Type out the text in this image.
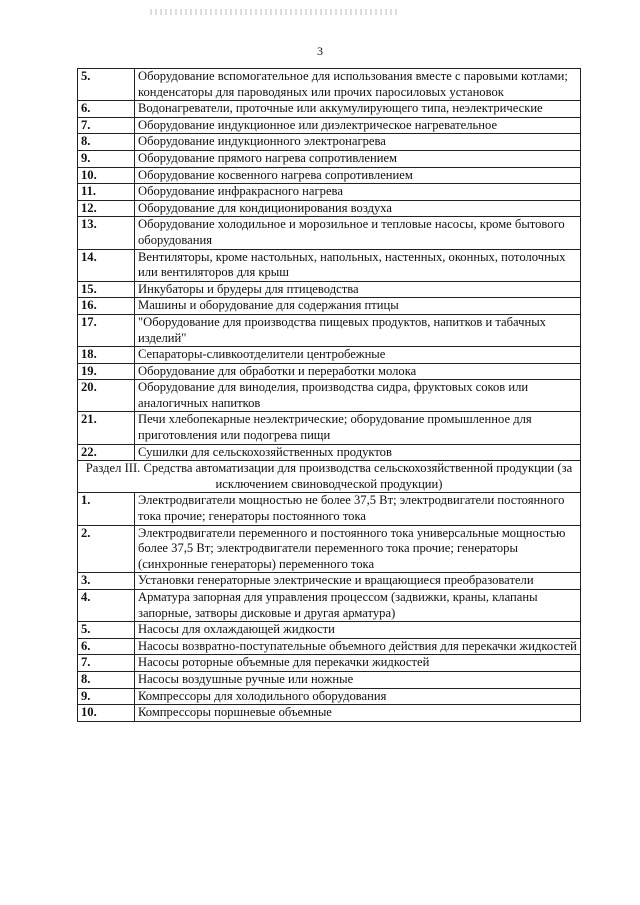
3
5.	Оборудование вспомогательное для использования вместе с паровыми котлами; конденсаторы для пароводяных или прочих паросиловых установок
6.	Водонагреватели, проточные или аккумулирующего типа, неэлектрические
7.	Оборудование индукционное или диэлектрическое нагревательное
8.	Оборудование индукционного электронагрева
9.	Оборудование прямого нагрева сопротивлением
10.	Оборудование косвенного нагрева сопротивлением
11.	Оборудование инфракрасного нагрева
12.	Оборудование для кондиционирования воздуха
13.	Оборудование холодильное и морозильное и тепловые насосы, кроме бытового оборудования
14.	Вентиляторы, кроме настольных, напольных, настенных, оконных, потолочных или вентиляторов для крыш
15.	Инкубаторы и брудеры для птицеводства
16.	Машины и оборудование для содержания птицы
17.	"Оборудование для производства пищевых продуктов, напитков и табачных изделий"
18.	Сепараторы-сливкоотделители центробежные
19.	Оборудование для обработки и переработки молока
20.	Оборудование для виноделия, производства сидра, фруктовых соков или аналогичных напитков
21.	Печи хлебопекарные неэлектрические; оборудование промышленное для приготовления или подогрева пищи
22.	Сушилки для сельскохозяйственных продуктов
Раздел III. Средства автоматизации для производства сельскохозяйственной продукции (за исключением свиноводческой продукции)	
1.	Электродвигатели мощностью не более 37,5 Вт; электродвигатели постоянного тока прочие; генераторы постоянного тока
2.	Электродвигатели переменного и постоянного тока универсальные мощностью более 37,5 Вт; электродвигатели переменного тока прочие; генераторы (синхронные генераторы) переменного тока
3.	Установки генераторные электрические и вращающиеся преобразователи
4.	Арматура запорная для управления процессом (задвижки, краны, клапаны запорные, затворы дисковые и другая арматура)
5.	Насосы для охлаждающей жидкости
6.	Насосы возвратно-поступательные объемного действия для перекачки жидкостей
7.	Насосы роторные объемные для перекачки жидкостей
8.	Насосы воздушные ручные или ножные
9.	Компрессоры для холодильного оборудования
10.	Компрессоры поршневые объемные
